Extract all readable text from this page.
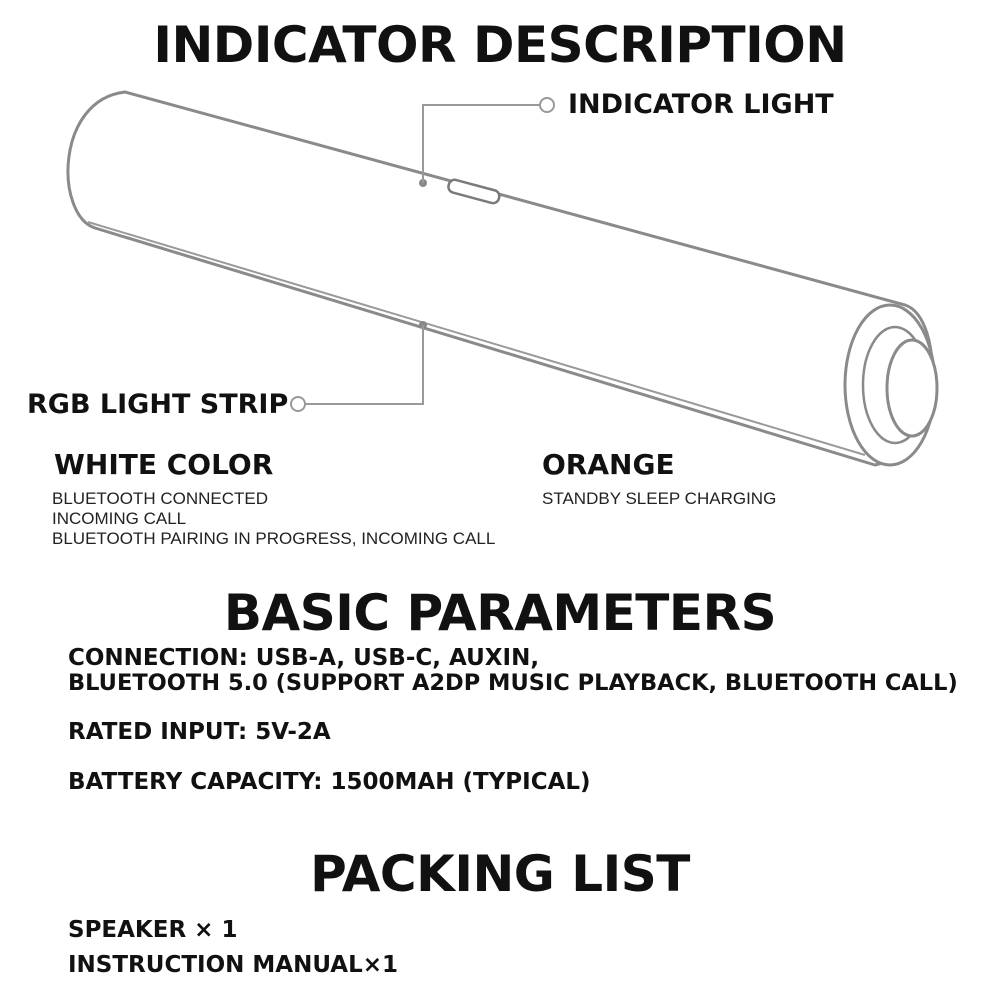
INDICATOR DESCRIPTION
INDICATOR LIGHT
RGB LIGHT STRIP
WHITE COLOR
BLUETOOTH CONNECTED
INCOMING CALL
BLUETOOTH PAIRING IN PROGRESS, INCOMING CALL
ORANGE
STANDBY SLEEP CHARGING
BASIC PARAMETERS
CONNECTION: USB-A, USB-C, AUXIN,
BLUETOOTH 5.0 (SUPPORT A2DP MUSIC PLAYBACK, BLUETOOTH CALL)
RATED INPUT: 5V-2A
BATTERY CAPACITY: 1500MAH (TYPICAL)
PACKING LIST
SPEAKER × 1
INSTRUCTION MANUAL×1
